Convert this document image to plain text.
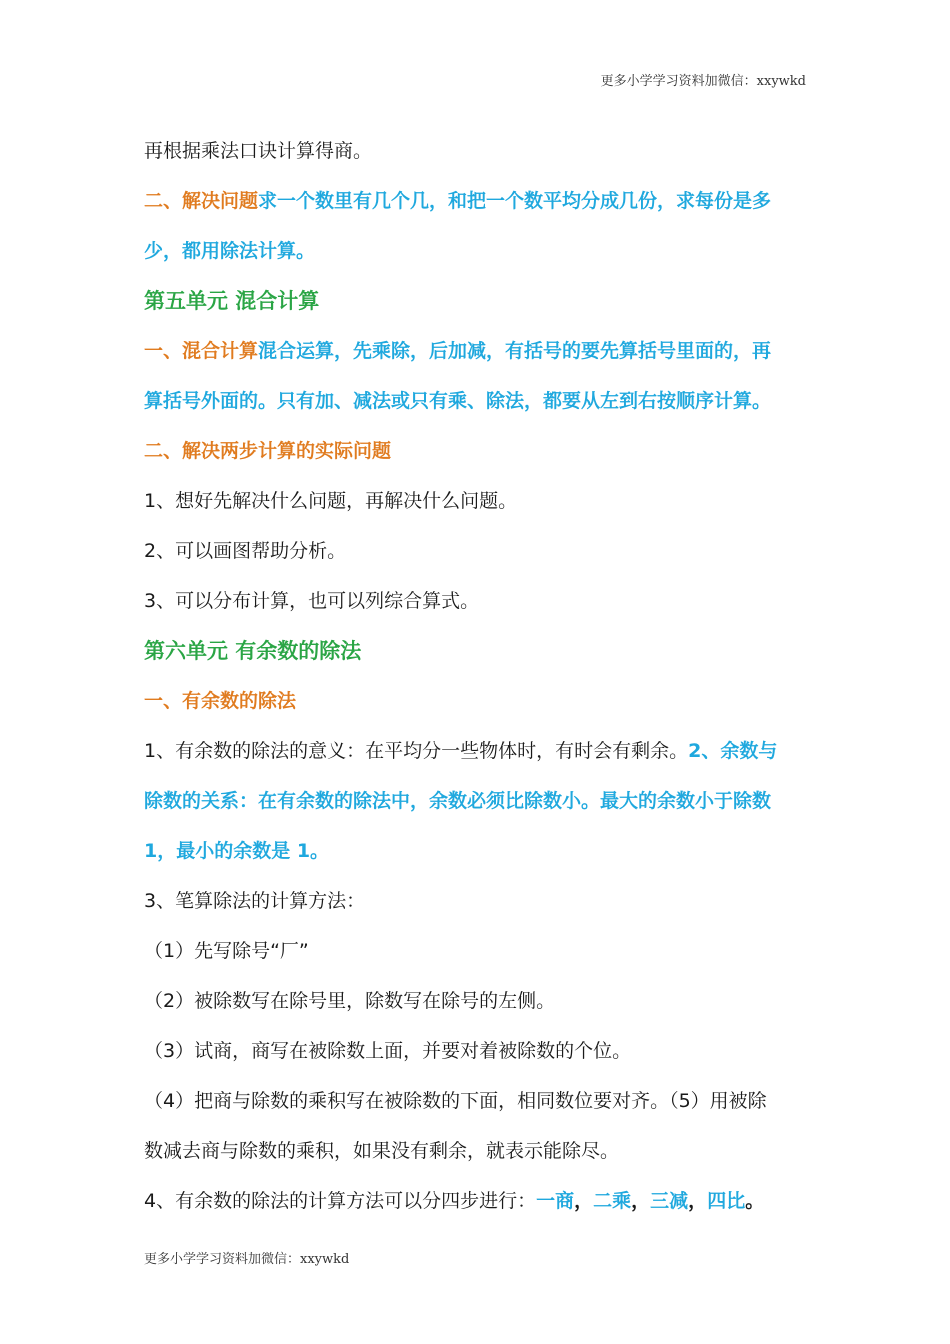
更多小学学习资料加微信：xxywkd
再根据乘法口诀计算得商。
二、解决问题求一个数里有几个几，和把一个数平均分成几份，求每份是多
少，都用除法计算。
第五单元 混合计算
一、混合计算混合运算，先乘除，后加减，有括号的要先算括号里面的，再
算括号外面的。只有加、减法或只有乘、除法，都要从左到右按顺序计算。
二、解决两步计算的实际问题
1、想好先解决什么问题，再解决什么问题。
2、可以画图帮助分析。
3、可以分布计算，也可以列综合算式。
第六单元 有余数的除法
一、有余数的除法
1、有余数的除法的意义：在平均分一些物体时，有时会有剩余。2、余数与
除数的关系：在有余数的除法中，余数必须比除数小。最大的余数小于除数
1，最小的余数是 1。
3、笔算除法的计算方法：
（1）先写除号“厂”
（2）被除数写在除号里，除数写在除号的左侧。
（3）试商，商写在被除数上面，并要对着被除数的个位。
（4）把商与除数的乘积写在被除数的下面，相同数位要对齐。（5）用被除
数减去商与除数的乘积，如果没有剩余，就表示能除尽。
4、有余数的除法的计算方法可以分四步进行：一商，二乘，三减，四比。
更多小学学习资料加微信：xxywkd
